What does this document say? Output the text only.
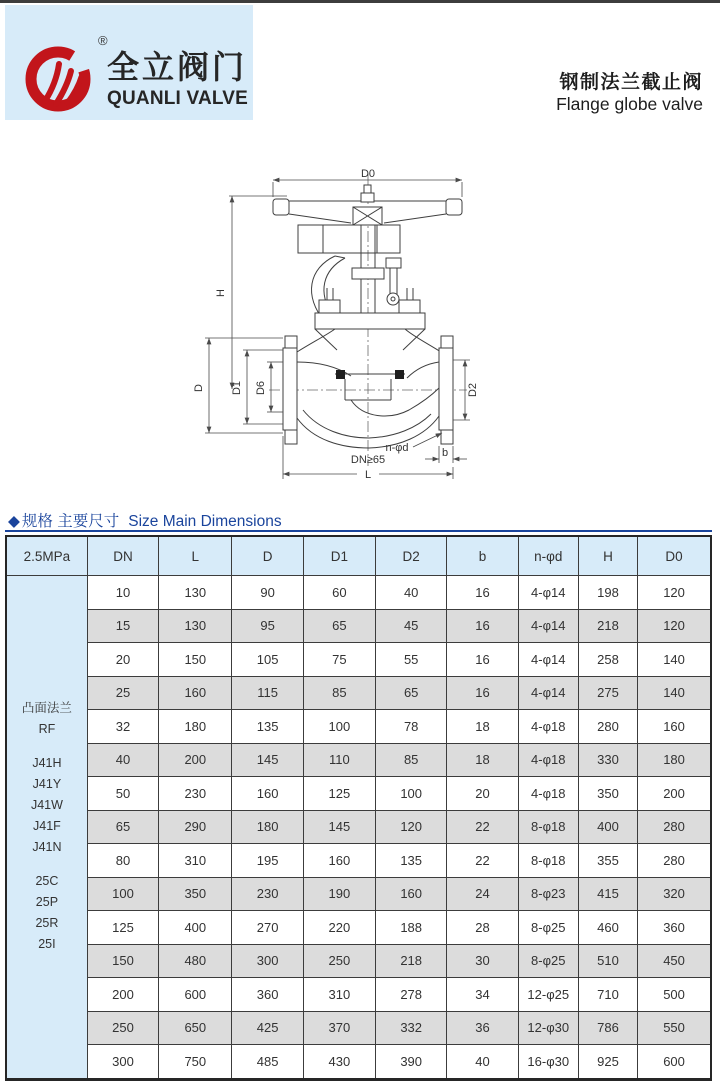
®
全立阀门
QUANLI VALVE
钢制法兰截止阀
Flange globe valve
D0
H
D D1 D6	D2
n-φd	b
DN≥65
L
◆ 规格 主要尺寸 Size Main Dimensions
2.5MPa	DN	L	D	D1	D2	b	n-φd	H	D0

凸面法兰
RF
J41H
J41Y
J41W
J41F
J41N
25C
25P
25R
25I
	10	130	90	60	40	16	4-φ14	198	120
	15	130	95	65	45	16	4-φ14	218	120
	20	150	105	75	55	16	4-φ14	258	140
	25	160	115	85	65	16	4-φ14	275	140
	32	180	135	100	78	18	4-φ18	280	160
	40	200	145	110	85	18	4-φ18	330	180
	50	230	160	125	100	20	4-φ18	350	200
	65	290	180	145	120	22	8-φ18	400	280
	80	310	195	160	135	22	8-φ18	355	280
	100	350	230	190	160	24	8-φ23	415	320
	125	400	270	220	188	28	8-φ25	460	360
	150	480	300	250	218	30	8-φ25	510	450
	200	600	360	310	278	34	12-φ25	710	500
	250	650	425	370	332	36	12-φ30	786	550
	300	750	485	430	390	40	16-φ30	925	600
